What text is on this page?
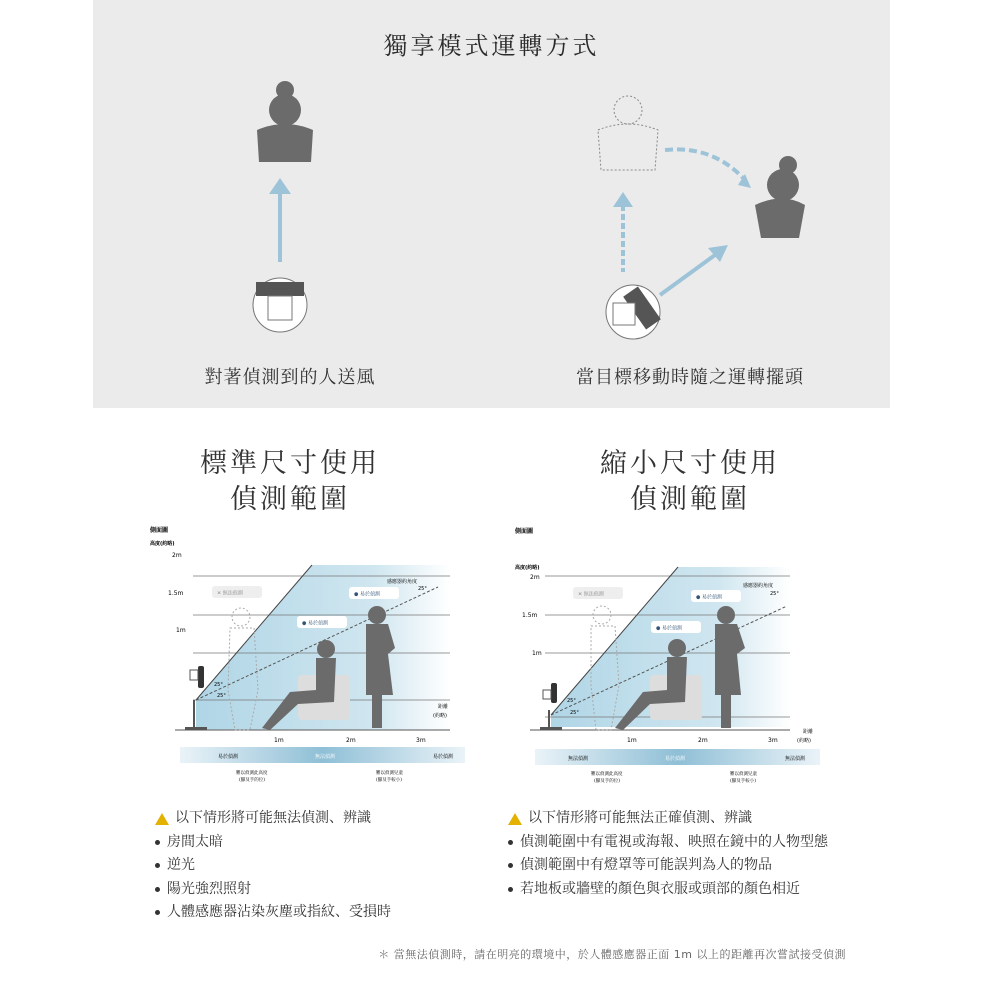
獨享模式運轉方式
對著偵測到的人送風	當目標移動時隨之運轉擺頭
標準尺寸使用
偵測範圍
縮小尺寸使用
偵測範圍
側面圖
高度(約略)
2m
1.5m
1m
1m	2m	3m
距離
(約略)
感應器約角度
25°
25°
25°
✕ 無法偵測
● 易於偵測
● 易於偵測
易於偵測	無法偵測	易於偵測
難以偵測此高度
(腳及手的位)
難以偵測兒童
(腳及手較小)
側面圖
高度(約略)
2m
1.5m
1m
1m	2m	3m
距離
(約略)
感應器約角度
25°
25°
25°
✕ 無法偵測
● 易於偵測
● 易於偵測
無法偵測	易於偵測	無法偵測
難以偵測此高度
(腳及手的位)
難以偵測兒童
(腳及手較小)
以下情形將可能無法偵測、辨識
房間太暗
逆光
陽光強烈照射
人體感應器沾染灰塵或指紋、受損時
以下情形將可能無法正確偵測、辨識
偵測範圍中有電視或海報、映照在鏡中的人物型態
偵測範圍中有燈罩等可能誤判為人的物品
若地板或牆壁的顏色與衣服或頭部的顏色相近
＊ 當無法偵測時，請在明亮的環境中，於人體感應器正面 1m 以上的距離再次嘗試接受偵測
